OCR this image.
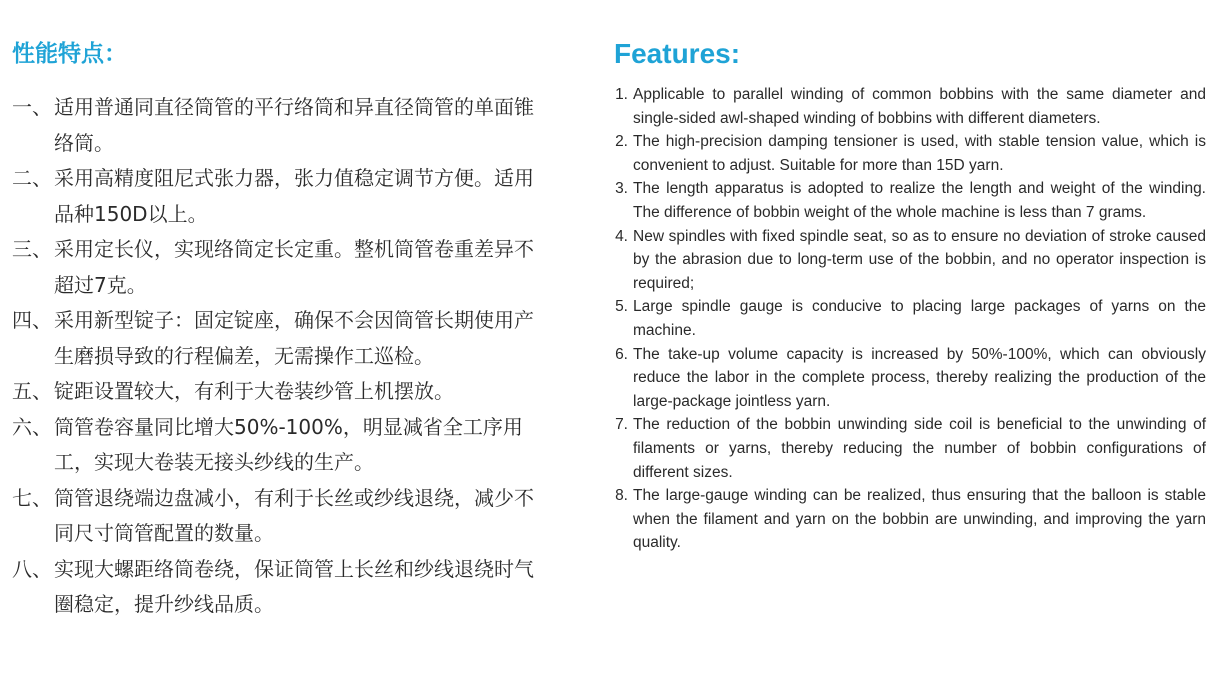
性能特点：
一、 适用普通同直径筒管的平行络筒和异直径筒管的单面锥络筒。
二、 采用高精度阻尼式张力器，张力值稳定调节方便。适用品种150D以上。
三、 采用定长仪，实现络筒定长定重。整机筒管卷重差异不超过7克。
四、 采用新型锭子：固定锭座，确保不会因筒管长期使用产生磨损导致的行程偏差，无需操作工巡检。
五、 锭距设置较大，有利于大卷装纱管上机摆放。
六、 筒管卷容量同比增大50%-100%，明显减省全工序用工，实现大卷装无接头纱线的生产。
七、 筒管退绕端边盘减小，有利于长丝或纱线退绕，减少不同尺寸筒管配置的数量。
八、 实现大螺距络筒卷绕，保证筒管上长丝和纱线退绕时气圈稳定，提升纱线品质。
Features:
1. Applicable to parallel winding of common bobbins with the same diameter and single-sided awl-shaped winding of bobbins with different diameters.
2. The high-precision damping tensioner is used, with stable tension value, which is convenient to adjust. Suitable for more than 15D yarn.
3. The length apparatus is adopted to realize the length and weight of the winding. The difference of bobbin weight of the whole machine is less than 7 grams.
4. New spindles with fixed spindle seat, so as to ensure no deviation of stroke caused by the abrasion due to long-term use of the bobbin, and no operator inspection is required;
5. Large spindle gauge is conducive to placing large packages of yarns on the machine.
6. The take-up volume capacity is increased by 50%-100%, which can obviously reduce the labor in the complete process, thereby realizing the production of the large-package jointless yarn.
7. The reduction of the bobbin unwinding side coil is beneficial to the unwinding of filaments or yarns, thereby reducing the number of bobbin configurations of different sizes.
8. The large-gauge winding can be realized, thus ensuring that the balloon is stable when the filament and yarn on the bobbin are unwinding, and improving the yarn quality.
